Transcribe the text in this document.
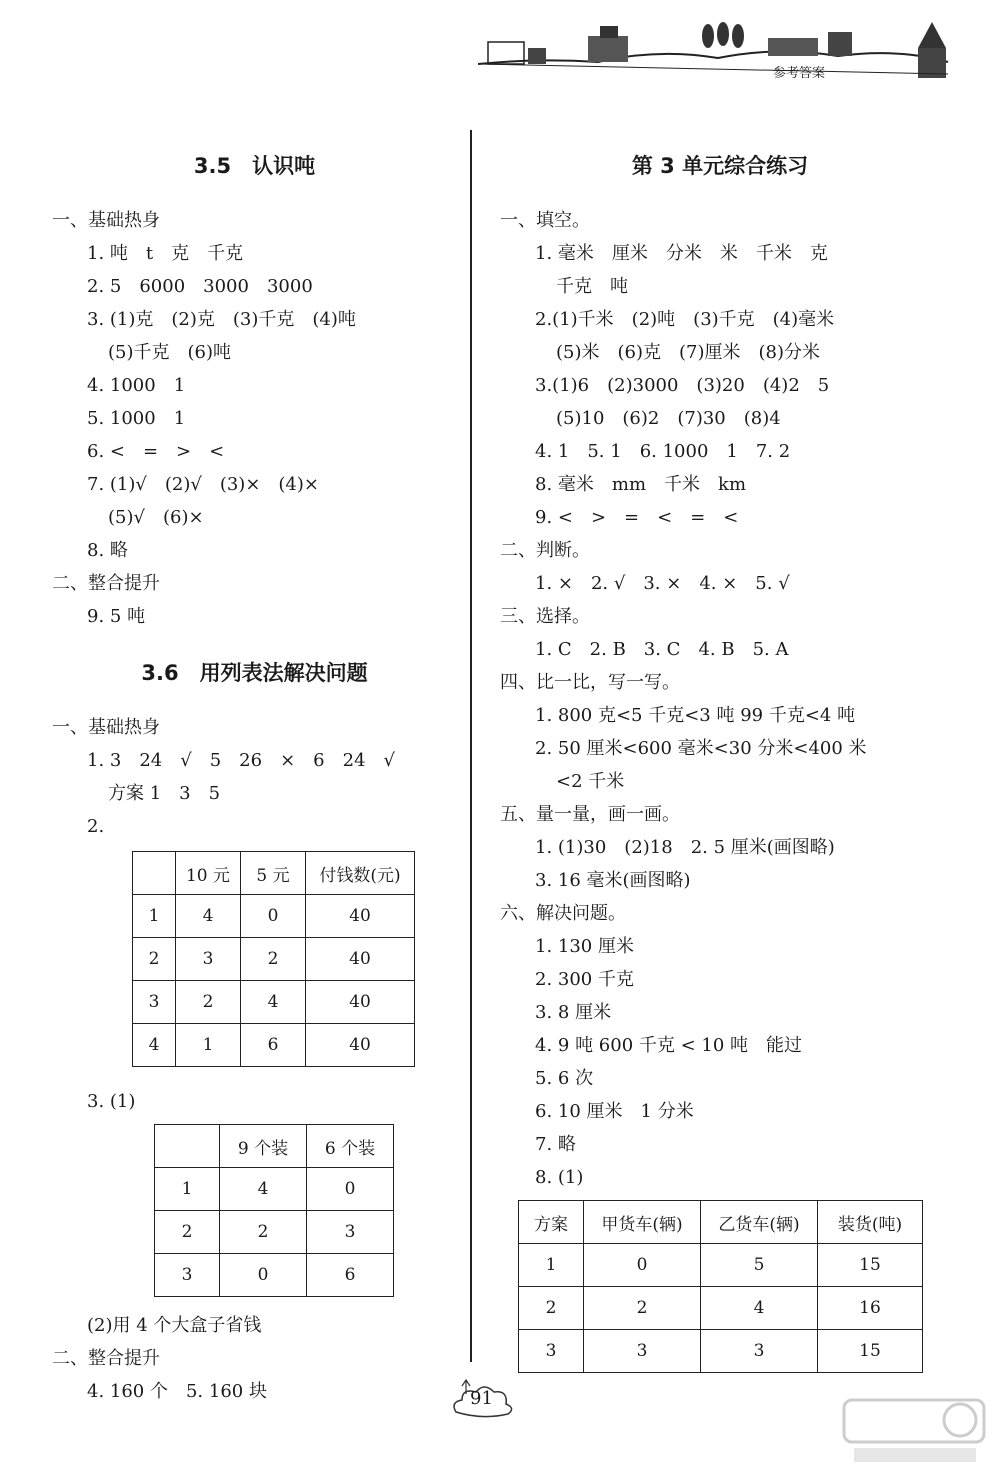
参考答案
3.5　认识吨
一、基础热身
1. 吨　t　克　千克
2. 5　6000　3000　3000
3. (1)克　(2)克　(3)千克　(4)吨
(5)千克　(6)吨
4. 1000　1
5. 1000　1
6. <　=　>　<
7. (1)√　(2)√　(3)×　(4)×
(5)√　(6)×
8. 略
二、整合提升
9. 5 吨
3.6　用列表法解决问题
一、基础热身
1. 3　24　√　5　26　×　6　24　√
方案 1　3　5
2.
	10 元	5 元	付钱数(元)
1	4	0	40
2	3	2	40
3	2	4	40
4	1	6	40
3. (1)
	9 个装	6 个装
1	4	0
2	2	3
3	0	6
(2)用 4 个大盒子省钱
二、整合提升
4. 160 个　5. 160 块
第 3 单元综合练习
一、填空。
1. 毫米　厘米　分米　米　千米　克
千克　吨
2.(1)千米　(2)吨　(3)千克　(4)毫米
(5)米　(6)克　(7)厘米　(8)分米
3.(1)6　(2)3000　(3)20　(4)2　5
(5)10　(6)2　(7)30　(8)4
4. 1　5. 1　6. 1000　1　7. 2
8. 毫米　mm　千米　km
9. <　>　=　<　=　<
二、判断。
1. ×　2. √　3. ×　4. ×　5. √
三、选择。
1. C　2. B　3. C　4. B　5. A
四、比一比，写一写。
1. 800 克<5 千克<3 吨 99 千克<4 吨
2. 50 厘米<600 毫米<30 分米<400 米
<2 千米
五、量一量，画一画。
1. (1)30　(2)18　2. 5 厘米(画图略)
3. 16 毫米(画图略)
六、解决问题。
1. 130 厘米
2. 300 千克
3. 8 厘米
4. 9 吨 600 千克 < 10 吨　能过
5. 6 次
6. 10 厘米　1 分米
7. 略
8. (1)
方案	甲货车(辆)	乙货车(辆)	装货(吨)
1	0	5	15
2	2	4	16
3	3	3	15
91
